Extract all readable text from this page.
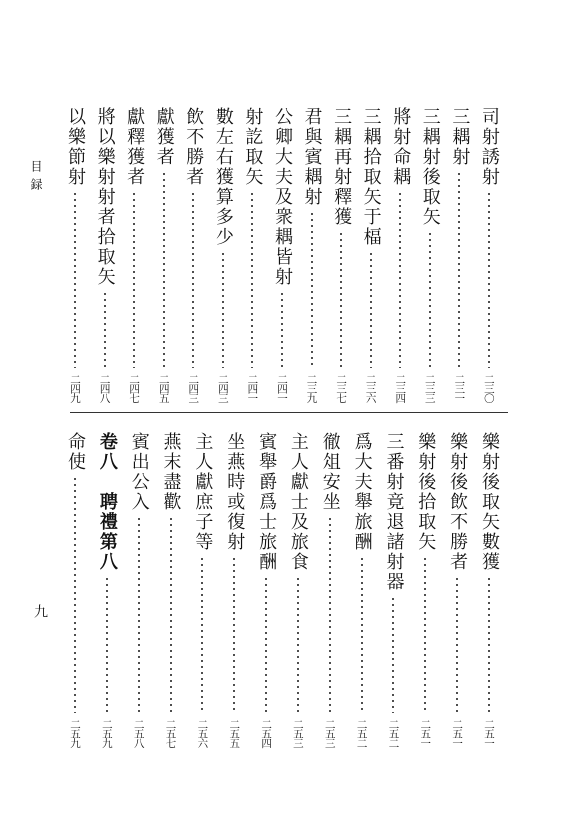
目録
九
司射誘射
二三〇
三耦射
二三一
三耦射後取矢
二三三
將射命耦
二三四
三耦拾取矢于楅
二三六
三耦再射釋獲
二三七
君與賓耦射
二三九
公卿大夫及衆耦皆射
二四一
射訖取矢
二四一
數左右獲算多少
二四三
飲不勝者
二四三
獻獲者
二四五
獻釋獲者
二四七
將以樂射射者拾取矢
二四八
以樂節射
二四九
樂射後取矢數獲
二五一
樂射後飲不勝者
二五一
樂射後拾取矢
二五一
三番射竟退諸射器
二五二
爲大夫舉旅酬
二五二
徹俎安坐
二五三
主人獻士及旅食
二五三
賓舉爵爲士旅酬
二五四
坐燕時或復射
二五五
主人獻庶子等
二五六
燕末盡歡
二五七
賓出公入
二五八
卷八　聘禮第八
二五九
命使
二五九
